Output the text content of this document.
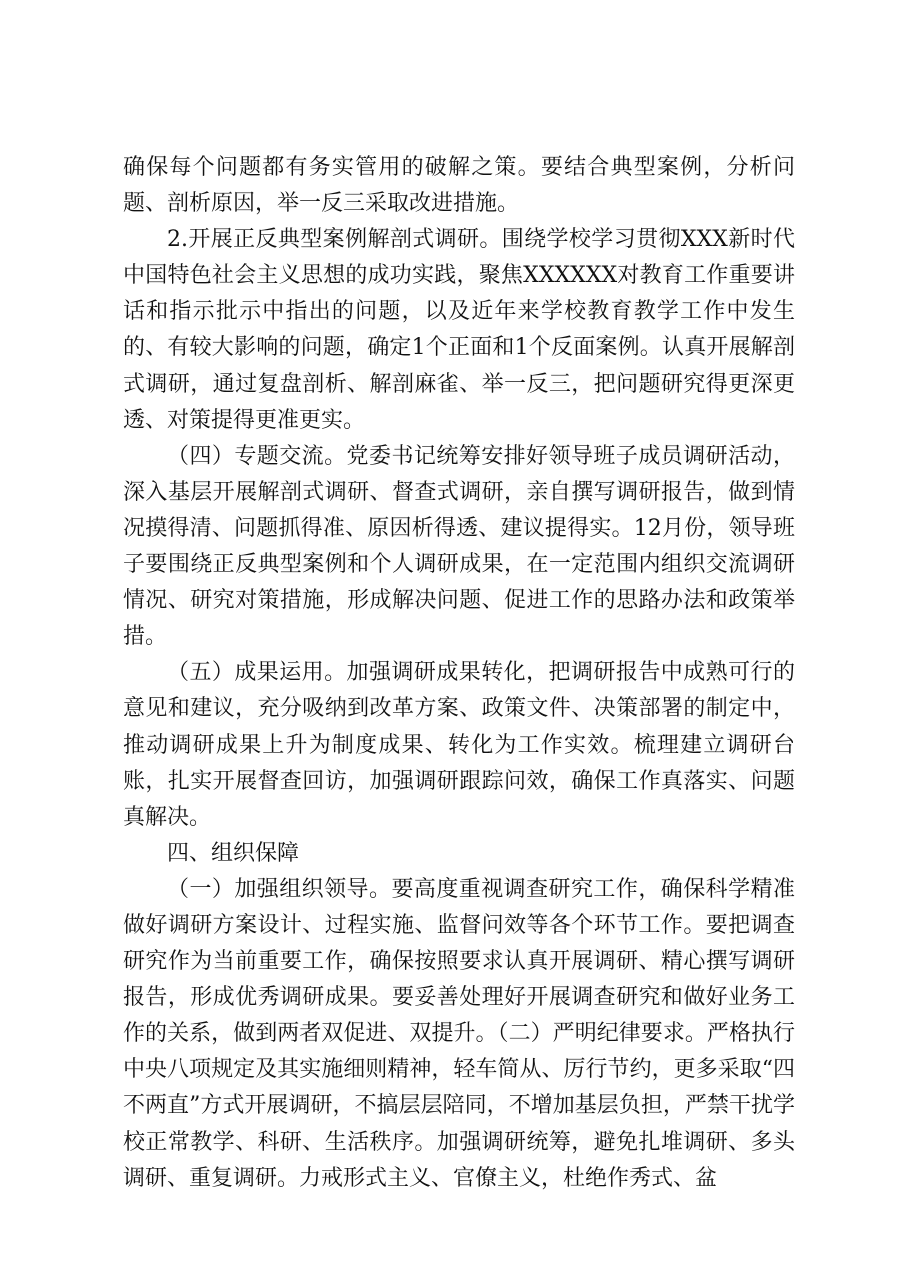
确保每个问题都有务实管用的破解之策。要结合典型案例，分析问题、剖析原因，举一反三采取改进措施。

2.开展正反典型案例解剖式调研。围绕学校学习贯彻XXX新时代中国特色社会主义思想的成功实践，聚焦XXXXXX对教育工作重要讲话和指示批示中指出的问题，以及近年来学校教育教学工作中发生的、有较大影响的问题，确定1个正面和1个反面案例。认真开展解剖式调研，通过复盘剖析、解剖麻雀、举一反三，把问题研究得更深更透、对策提得更准更实。

（四）专题交流。党委书记统筹安排好领导班子成员调研活动，深入基层开展解剖式调研、督查式调研，亲自撰写调研报告，做到情况摸得清、问题抓得准、原因析得透、建议提得实。12月份，领导班子要围绕正反典型案例和个人调研成果，在一定范围内组织交流调研情况、研究对策措施，形成解决问题、促进工作的思路办法和政策举措。

（五）成果运用。加强调研成果转化，把调研报告中成熟可行的意见和建议，充分吸纳到改革方案、政策文件、决策部署的制定中，推动调研成果上升为制度成果、转化为工作实效。梳理建立调研台账，扎实开展督查回访，加强调研跟踪问效，确保工作真落实、问题真解决。

四、组织保障

（一）加强组织领导。要高度重视调查研究工作，确保科学精准做好调研方案设计、过程实施、监督问效等各个环节工作。要把调查研究作为当前重要工作，确保按照要求认真开展调研、精心撰写调研报告，形成优秀调研成果。要妥善处理好开展调查研究和做好业务工作的关系，做到两者双促进、双提升。（二）严明纪律要求。严格执行中央八项规定及其实施细则精神，轻车简从、厉行节约，更多采取“四不两直”方式开展调研，不搞层层陪同，不增加基层负担，严禁干扰学校正常教学、科研、生活秩序。加强调研统筹，避免扎堆调研、多头调研、重复调研。力戒形式主义、官僚主义，杜绝作秀式、盆
